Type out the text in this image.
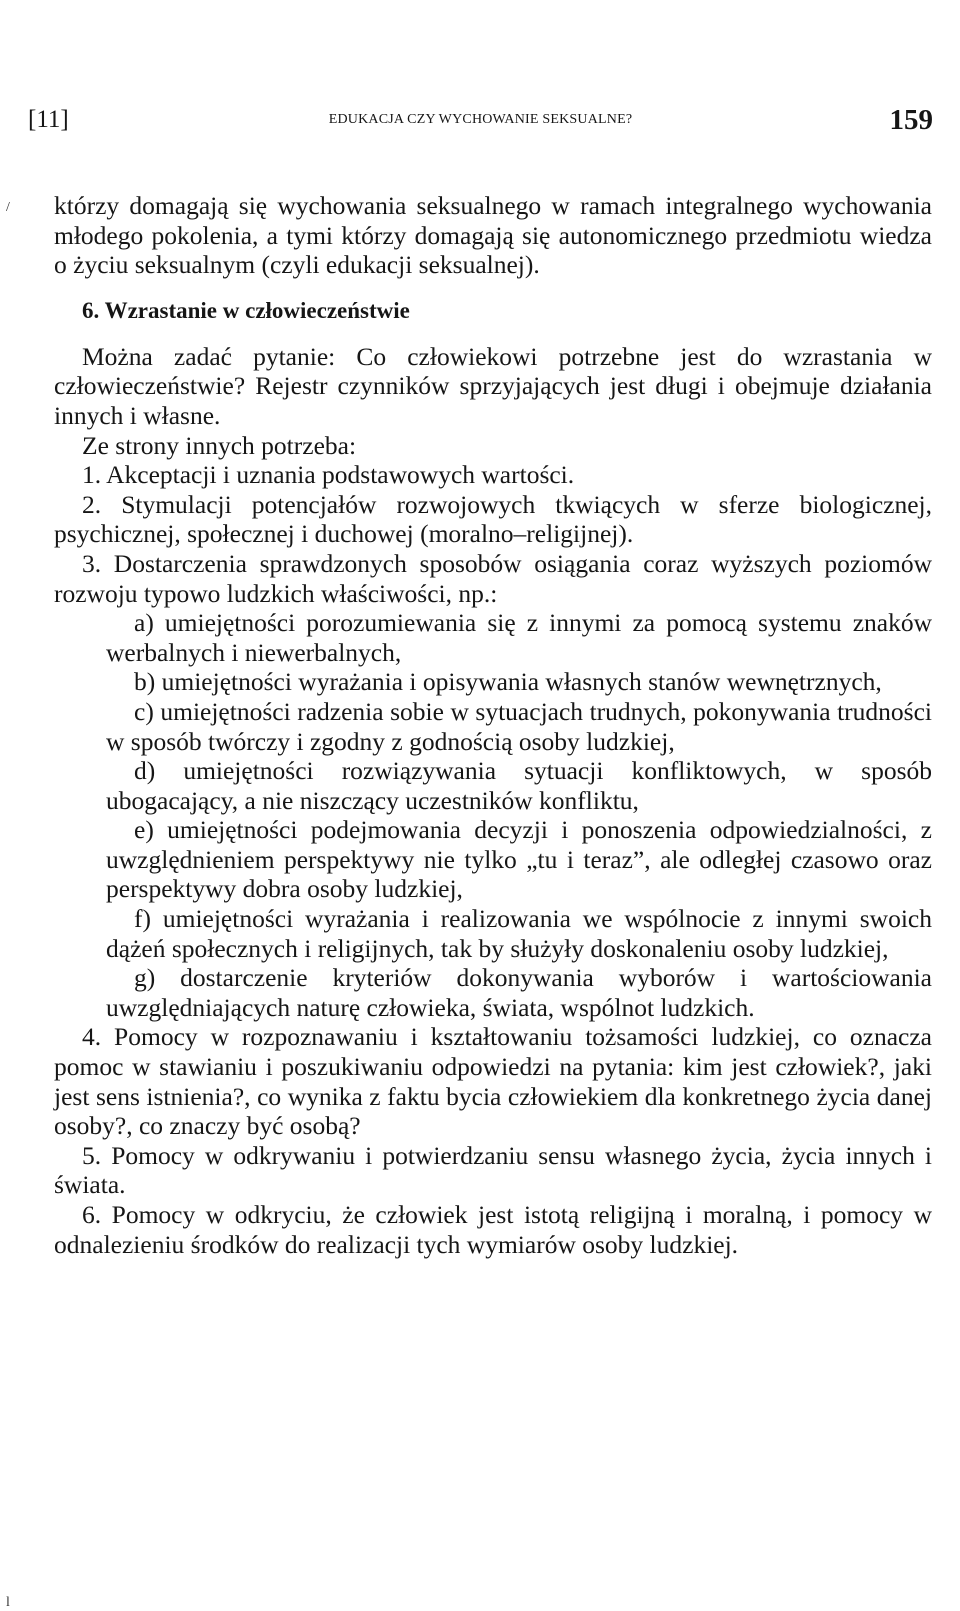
[11]	EDUKACJA CZY WYCHOWANIE SEKSUALNE?	159
/
l

którzy domagają się wychowania seksualnego w ramach integralnego wychowania młodego pokolenia, a tymi którzy domagają się autonomicznego przedmiotu wiedza o życiu seksualnym (czyli edukacji seksualnej).

6. Wzrastanie w człowieczeństwie

Można zadać pytanie: Co człowiekowi potrzebne jest do wzrastania w człowieczeństwie? Rejestr czynników sprzyjających jest długi i obejmuje działania innych i własne.

Ze strony innych potrzeba:

1. Akceptacji i uznania podstawowych wartości.

2. Stymulacji potencjałów rozwojowych tkwiących w sferze biologicznej, psychicznej, społecznej i duchowej (moralno–religijnej).

3. Dostarczenia sprawdzonych sposobów osiągania coraz wyższych poziomów rozwoju typowo ludzkich właściwości, np.:

a) umiejętności porozumiewania się z innymi za pomocą systemu znaków werbalnych i niewerbalnych,

b) umiejętności wyrażania i opisywania własnych stanów wewnętrznych,

c) umiejętności radzenia sobie w sytuacjach trudnych, pokonywania trudności w sposób twórczy i zgodny z godnością osoby ludzkiej,

d) umiejętności rozwiązywania sytuacji konfliktowych, w sposób ubogacający, a nie niszczący uczestników konfliktu,

e) umiejętności podejmowania decyzji i ponoszenia odpowiedzialności, z uwzględnieniem perspektywy nie tylko „tu i teraz”, ale odległej czasowo oraz perspektywy dobra osoby ludzkiej,

f) umiejętności wyrażania i realizowania we wspólnocie z innymi swoich dążeń społecznych i religijnych, tak by służyły doskonaleniu osoby ludzkiej,

g) dostarczenie kryteriów dokonywania wyborów i wartościowania uwzględniających naturę człowieka, świata, wspólnot ludzkich.

4. Pomocy w rozpoznawaniu i kształtowaniu tożsamości ludzkiej, co oznacza pomoc w stawianiu i poszukiwaniu odpowiedzi na pytania: kim jest człowiek?, jaki jest sens istnienia?, co wynika z faktu bycia człowiekiem dla konkretnego życia danej osoby?, co znaczy być osobą?

5. Pomocy w odkrywaniu i potwierdzaniu sensu własnego życia, życia innych i świata.

6. Pomocy w odkryciu, że człowiek jest istotą religijną i moralną, i pomocy w odnalezieniu środków do realizacji tych wymiarów osoby ludzkiej.
